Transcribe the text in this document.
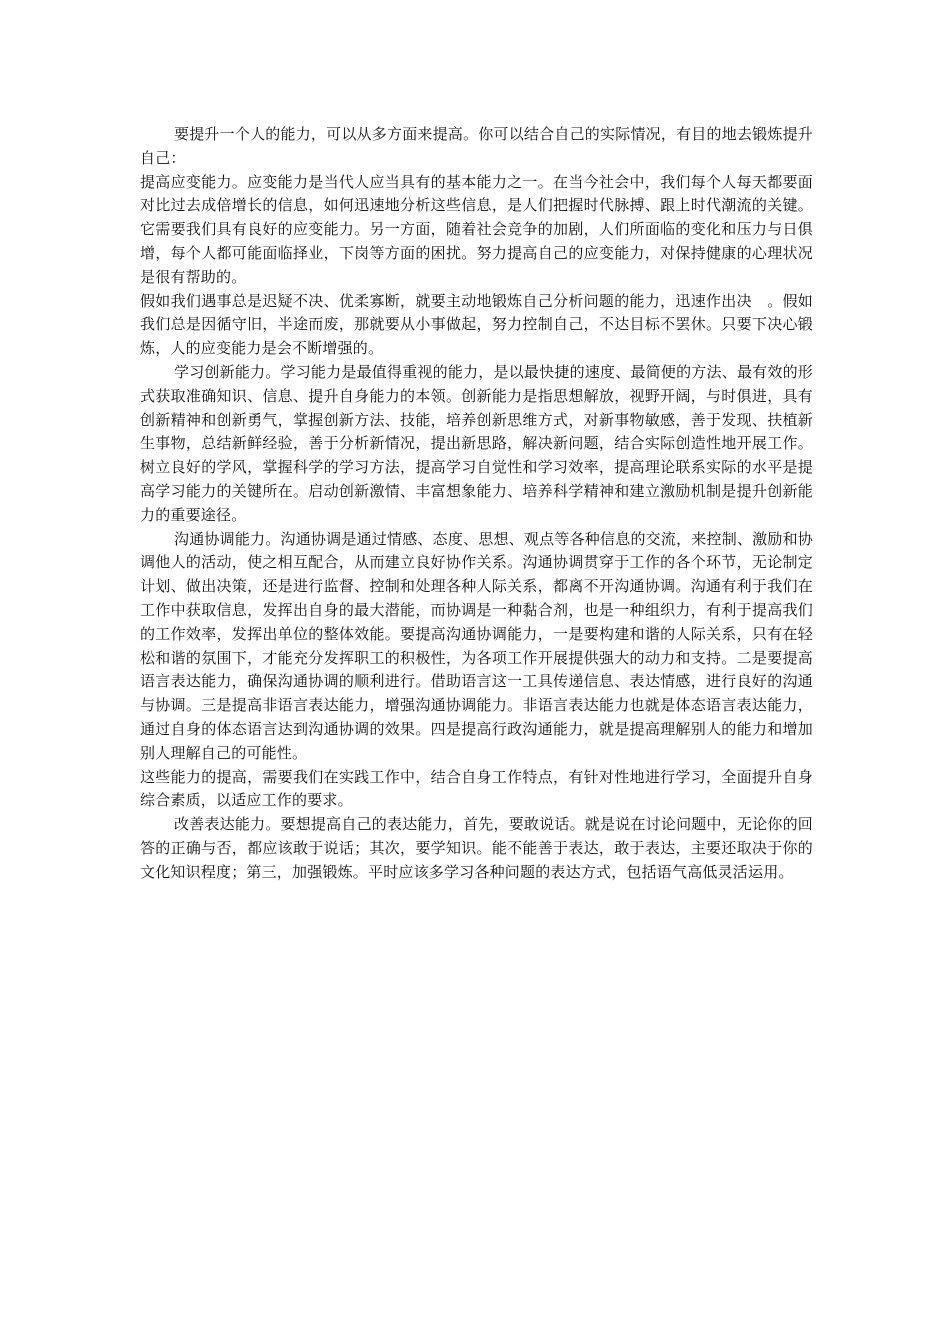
要提升一个人的能力，可以从多方面来提高。你可以结合自己的实际情况，有目的地去锻炼提升自己：

提高应变能力。应变能力是当代人应当具有的基本能力之一。在当今社会中，我们每个人每天都要面对比过去成倍增长的信息，如何迅速地分析这些信息，是人们把握时代脉搏、跟上时代潮流的关键。它需要我们具有良好的应变能力。另一方面，随着社会竞争的加剧，人们所面临的变化和压力与日俱增，每个人都可能面临择业，下岗等方面的困扰。努力提高自己的应变能力，对保持健康的心理状况是很有帮助的。

假如我们遇事总是迟疑不决、优柔寡断，就要主动地锻炼自己分析问题的能力，迅速作出决　。假如我们总是因循守旧，半途而废，那就要从小事做起，努力控制自己，不达目标不罢休。只要下决心锻炼，人的应变能力是会不断增强的。

学习创新能力。学习能力是最值得重视的能力，是以最快捷的速度、最简便的方法、最有效的形式获取准确知识、信息、提升自身能力的本领。创新能力是指思想解放，视野开阔，与时俱进，具有创新精神和创新勇气，掌握创新方法、技能，培养创新思维方式，对新事物敏感，善于发现、扶植新生事物，总结新鲜经验，善于分析新情况，提出新思路，解决新问题，结合实际创造性地开展工作。树立良好的学风，掌握科学的学习方法，提高学习自觉性和学习效率，提高理论联系实际的水平是提高学习能力的关键所在。启动创新激情、丰富想象能力、培养科学精神和建立激励机制是提升创新能力的重要途径。

沟通协调能力。沟通协调是通过情感、态度、思想、观点等各种信息的交流，来控制、激励和协调他人的活动，使之相互配合，从而建立良好协作关系。沟通协调贯穿于工作的各个环节，无论制定计划、做出决策，还是进行监督、控制和处理各种人际关系，都离不开沟通协调。沟通有利于我们在工作中获取信息，发挥出自身的最大潜能，而协调是一种黏合剂，也是一种组织力，有利于提高我们的工作效率，发挥出单位的整体效能。要提高沟通协调能力，一是要构建和谐的人际关系，只有在轻松和谐的氛围下，才能充分发挥职工的积极性，为各项工作开展提供强大的动力和支持。二是要提高语言表达能力，确保沟通协调的顺利进行。借助语言这一工具传递信息、表达情感，进行良好的沟通与协调。三是提高非语言表达能力，增强沟通协调能力。非语言表达能力也就是体态语言表达能力，通过自身的体态语言达到沟通协调的效果。四是提高行政沟通能力，就是提高理解别人的能力和增加别人理解自己的可能性。

这些能力的提高，需要我们在实践工作中，结合自身工作特点，有针对性地进行学习，全面提升自身综合素质，以适应工作的要求。

改善表达能力。要想提高自己的表达能力，首先，要敢说话。就是说在讨论问题中，无论你的回答的正确与否，都应该敢于说话；其次，要学知识。能不能善于表达，敢于表达，主要还取决于你的文化知识程度；第三，加强锻炼。平时应该多学习各种问题的表达方式，包括语气高低灵活运用。
